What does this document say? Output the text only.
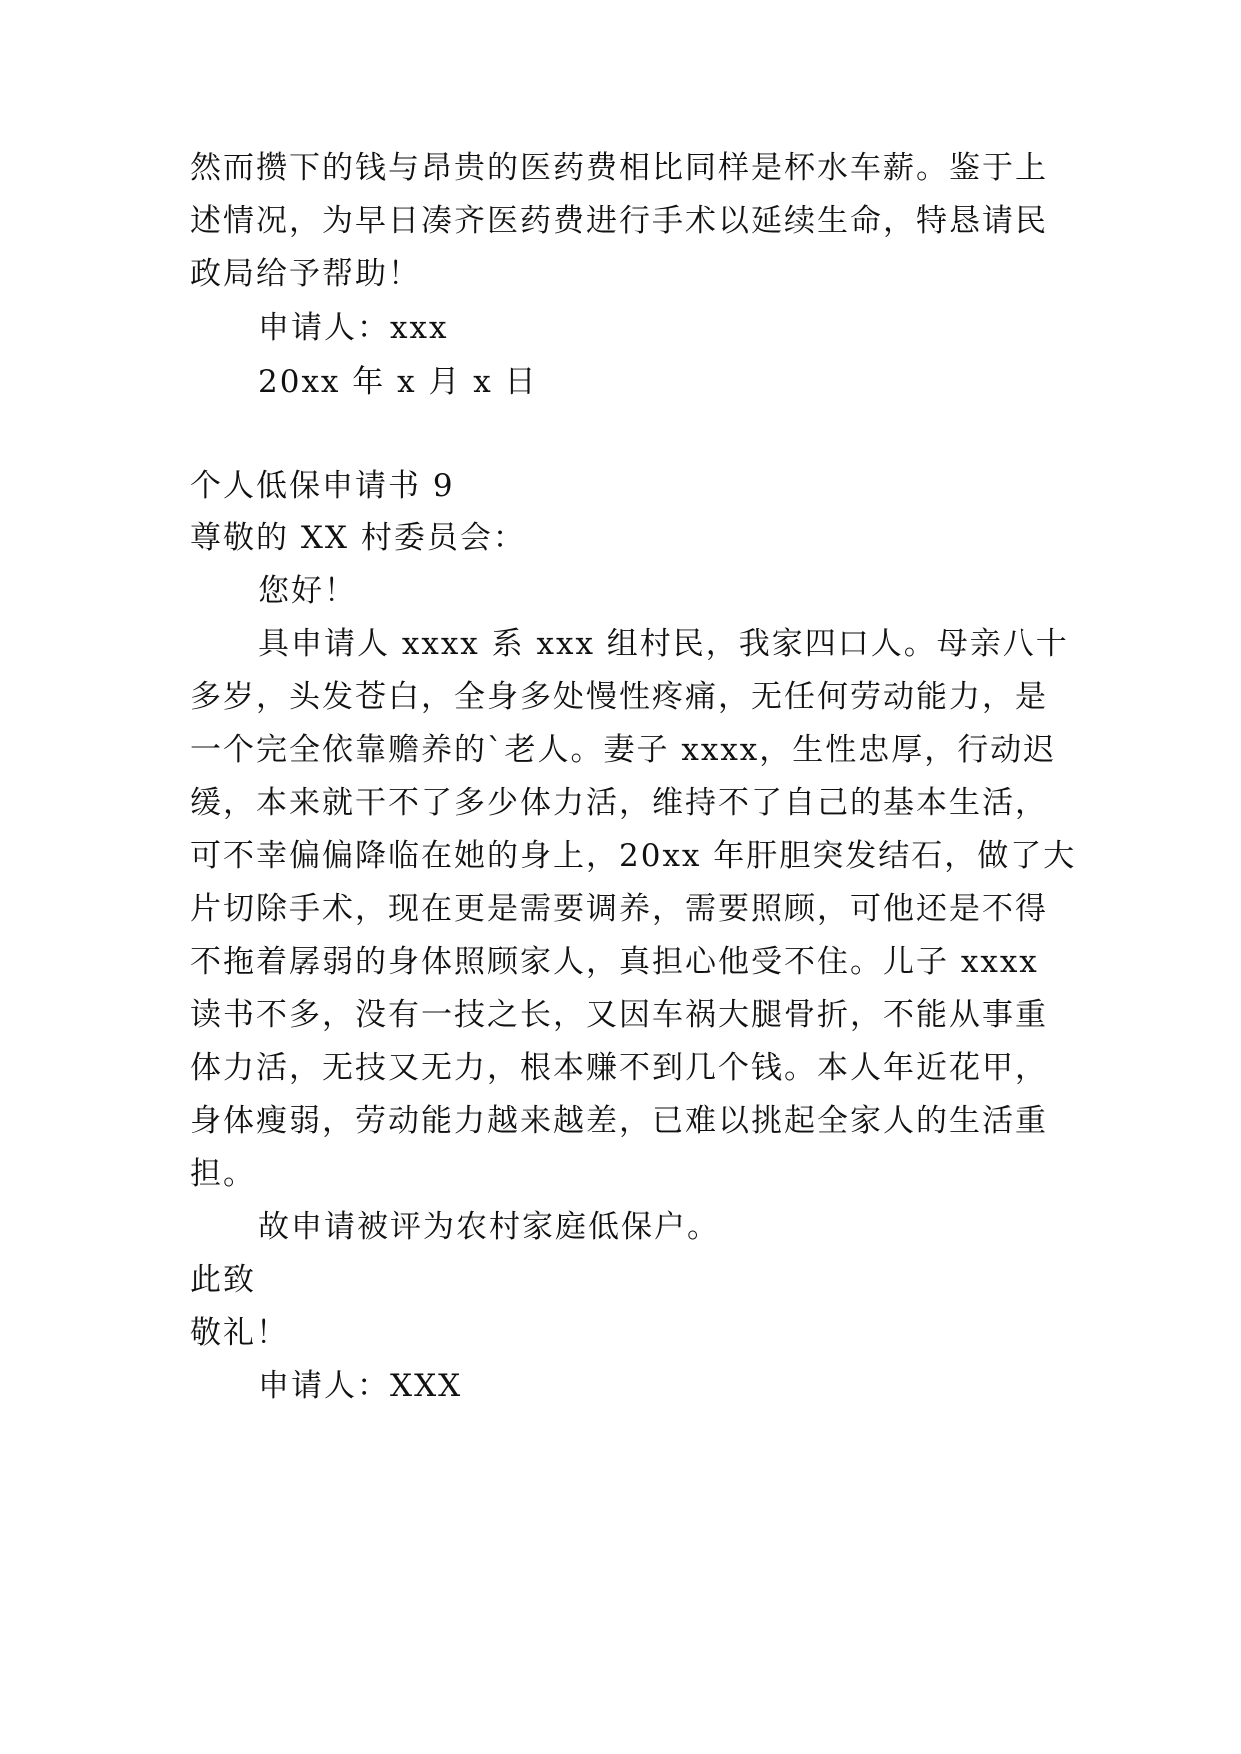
然而攒下的钱与昂贵的医药费相比同样是杯水车薪。鉴于上
述情况，为早日凑齐医药费进行手术以延续生命，特恳请民
政局给予帮助！
申请人：xxx
20xx 年 x 月 x 日
个人低保申请书 9
尊敬的 XX 村委员会：
您好！
具申请人 xxxx 系 xxx 组村民，我家四口人。母亲八十
多岁，头发苍白，全身多处慢性疼痛，无任何劳动能力，是
一个完全依靠赡养的`老人。妻子 xxxx，生性忠厚，行动迟
缓，本来就干不了多少体力活，维持不了自己的基本生活，
可不幸偏偏降临在她的身上，20xx 年肝胆突发结石，做了大
片切除手术，现在更是需要调养，需要照顾，可他还是不得
不拖着孱弱的身体照顾家人，真担心他受不住。儿子 xxxx
读书不多，没有一技之长，又因车祸大腿骨折，不能从事重
体力活，无技又无力，根本赚不到几个钱。本人年近花甲，
身体瘦弱，劳动能力越来越差，已难以挑起全家人的生活重
担。
故申请被评为农村家庭低保户。
此致
敬礼！
申请人：XXX
